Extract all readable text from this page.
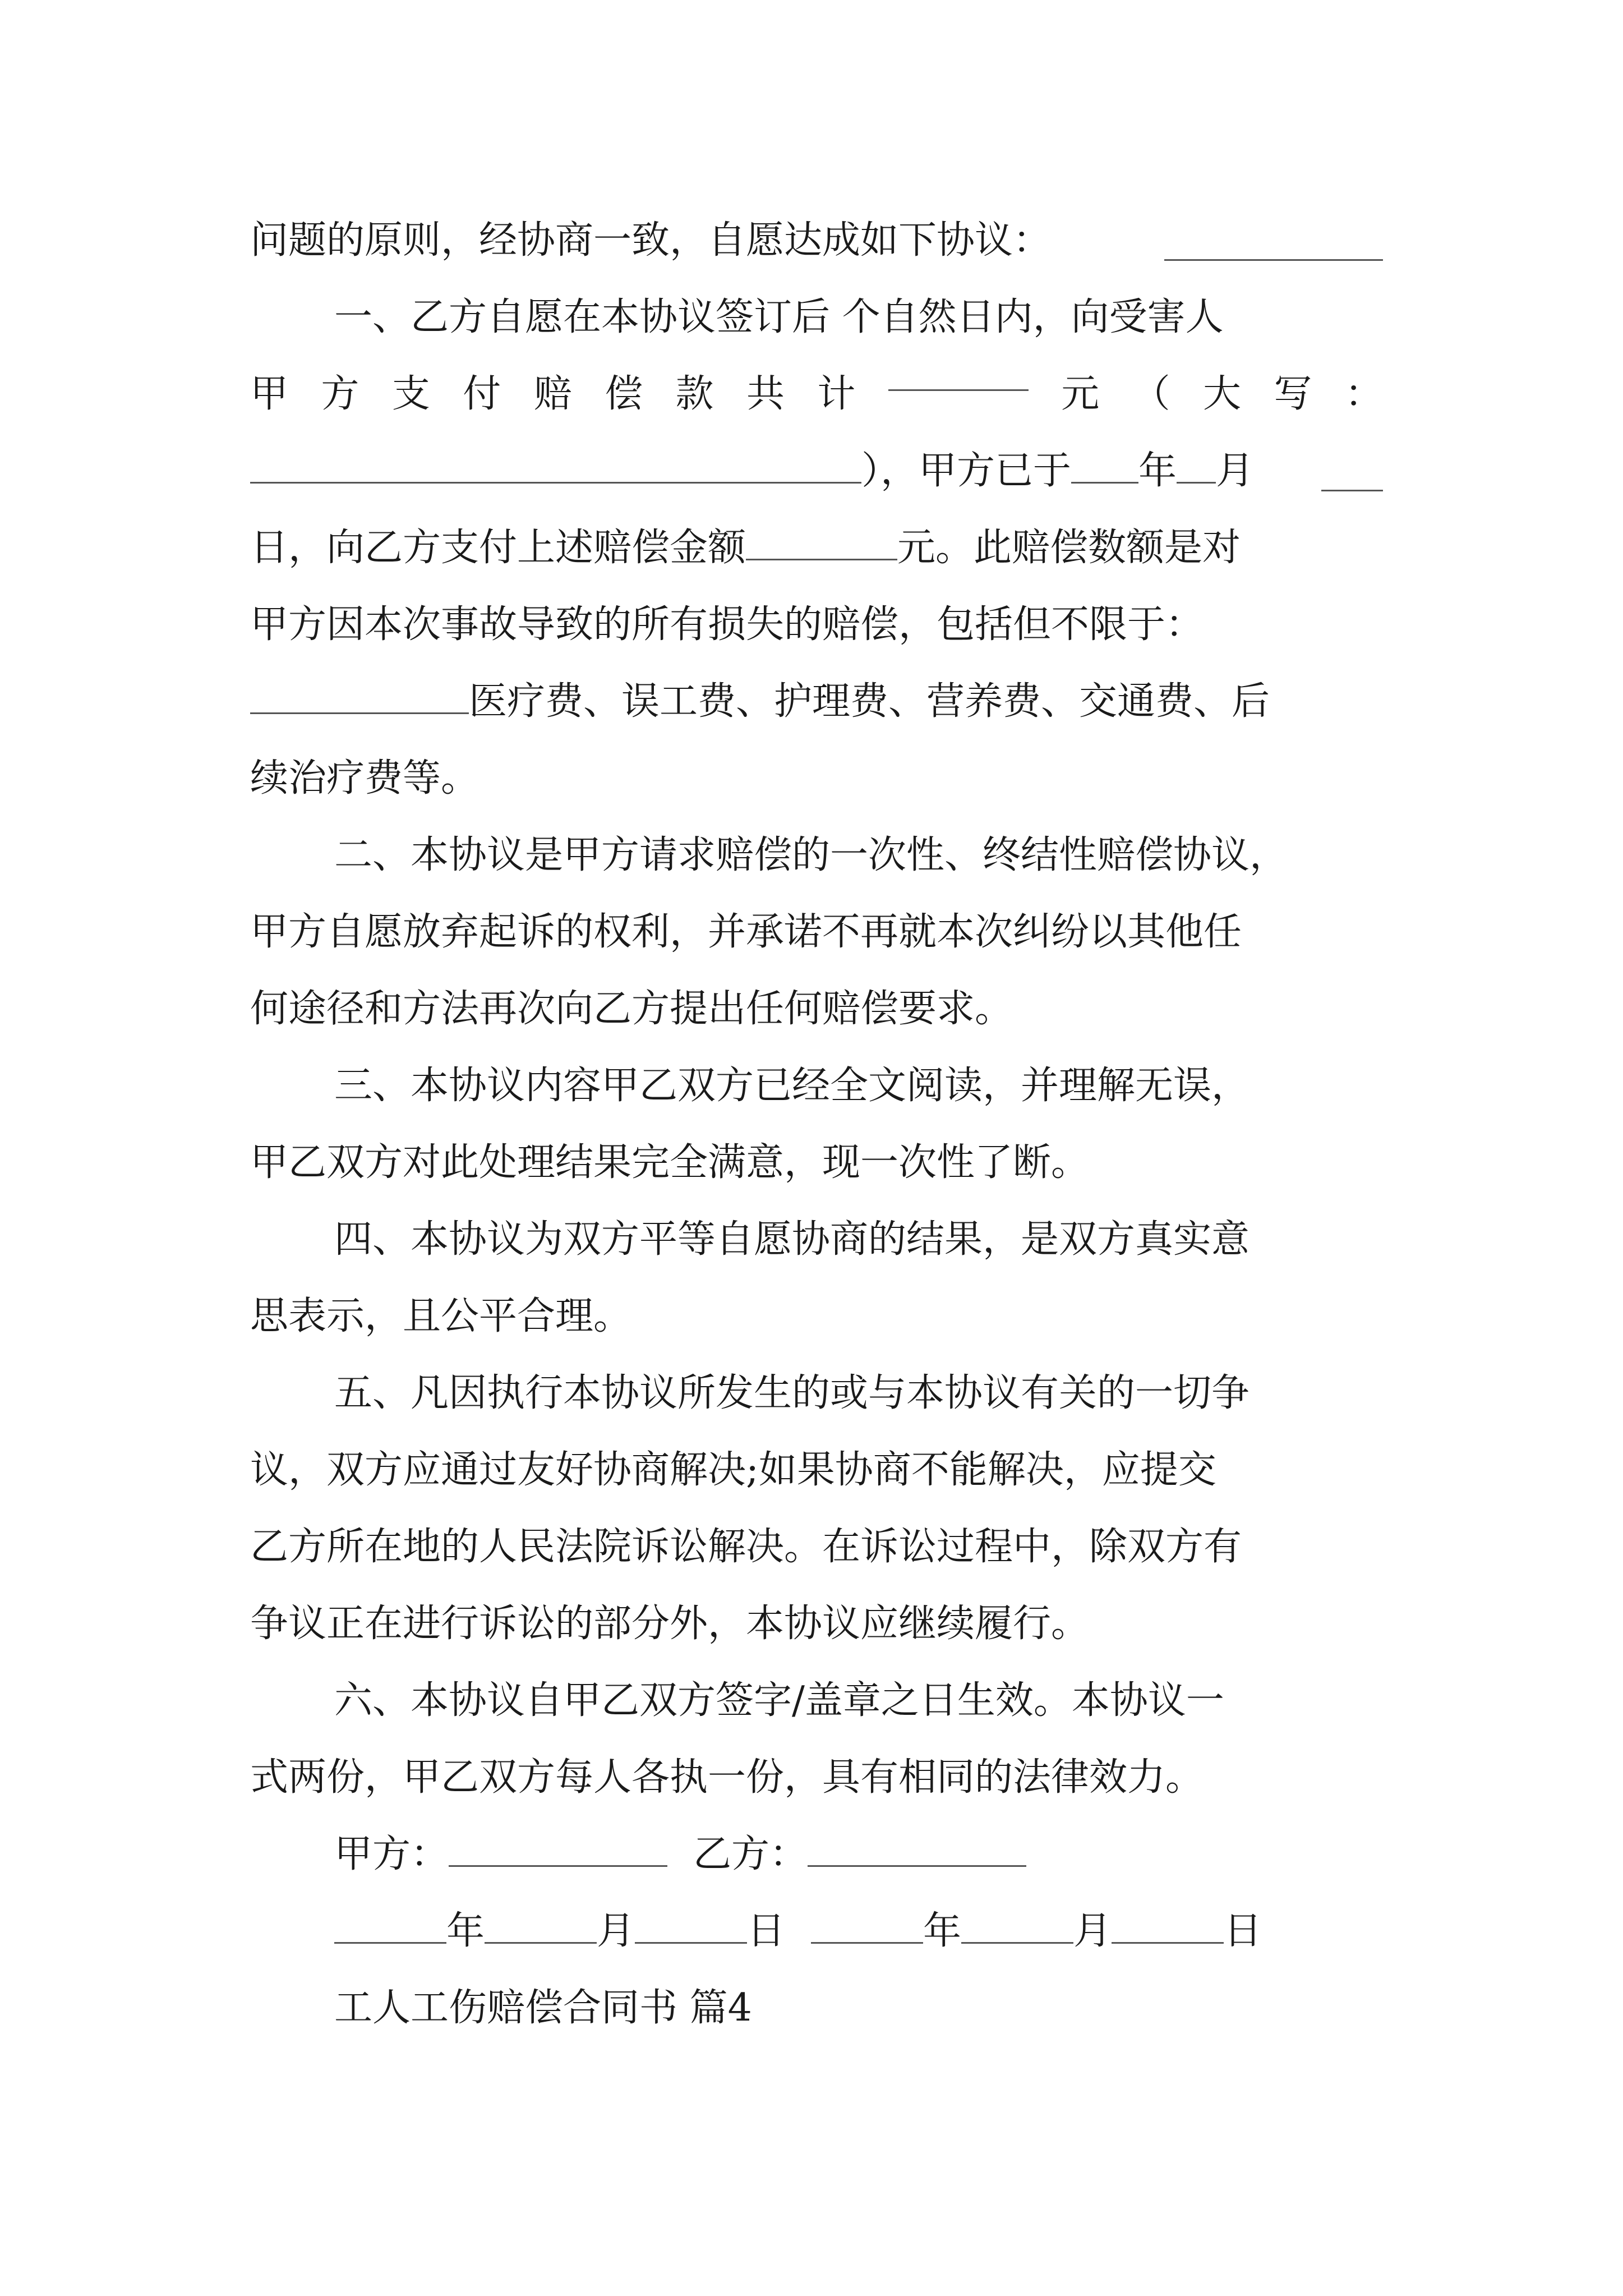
问题的原则，经协商一致，自愿达成如下协议：
一、乙方自愿在本协议签订后 个自然日内，向受害人
甲 方 支 付 赔 偿 款 共 计	元 （ 大 写 ：
），甲方已于 年 月
日，向乙方支付上述赔偿金额	元。此赔偿数额是对
甲方因本次事故导致的所有损失的赔偿，包括但不限于：
医疗费、误工费、护理费、营养费、交通费、后
续治疗费等。
二、本协议是甲方请求赔偿的一次性、终结性赔偿协议，
甲方自愿放弃起诉的权利，并承诺不再就本次纠纷以其他任
何途径和方法再次向乙方提出任何赔偿要求。
三、本协议内容甲乙双方已经全文阅读，并理解无误，
甲乙双方对此处理结果完全满意，现一次性了断。
四、本协议为双方平等自愿协商的结果，是双方真实意
思表示，且公平合理。
五、凡因执行本协议所发生的或与本协议有关的一切争
议，双方应通过友好协商解决;如果协商不能解决，应提交
乙方所在地的人民法院诉讼解决。在诉讼过程中，除双方有
争议正在进行诉讼的部分外，本协议应继续履行。
六、本协议自甲乙双方签字/盖章之日生效。本协议一
式两份，甲乙双方每人各执一份，具有相同的法律效力。
甲方：	乙方：
年	月	日	年	月	日
工人工伤赔偿合同书 篇4
